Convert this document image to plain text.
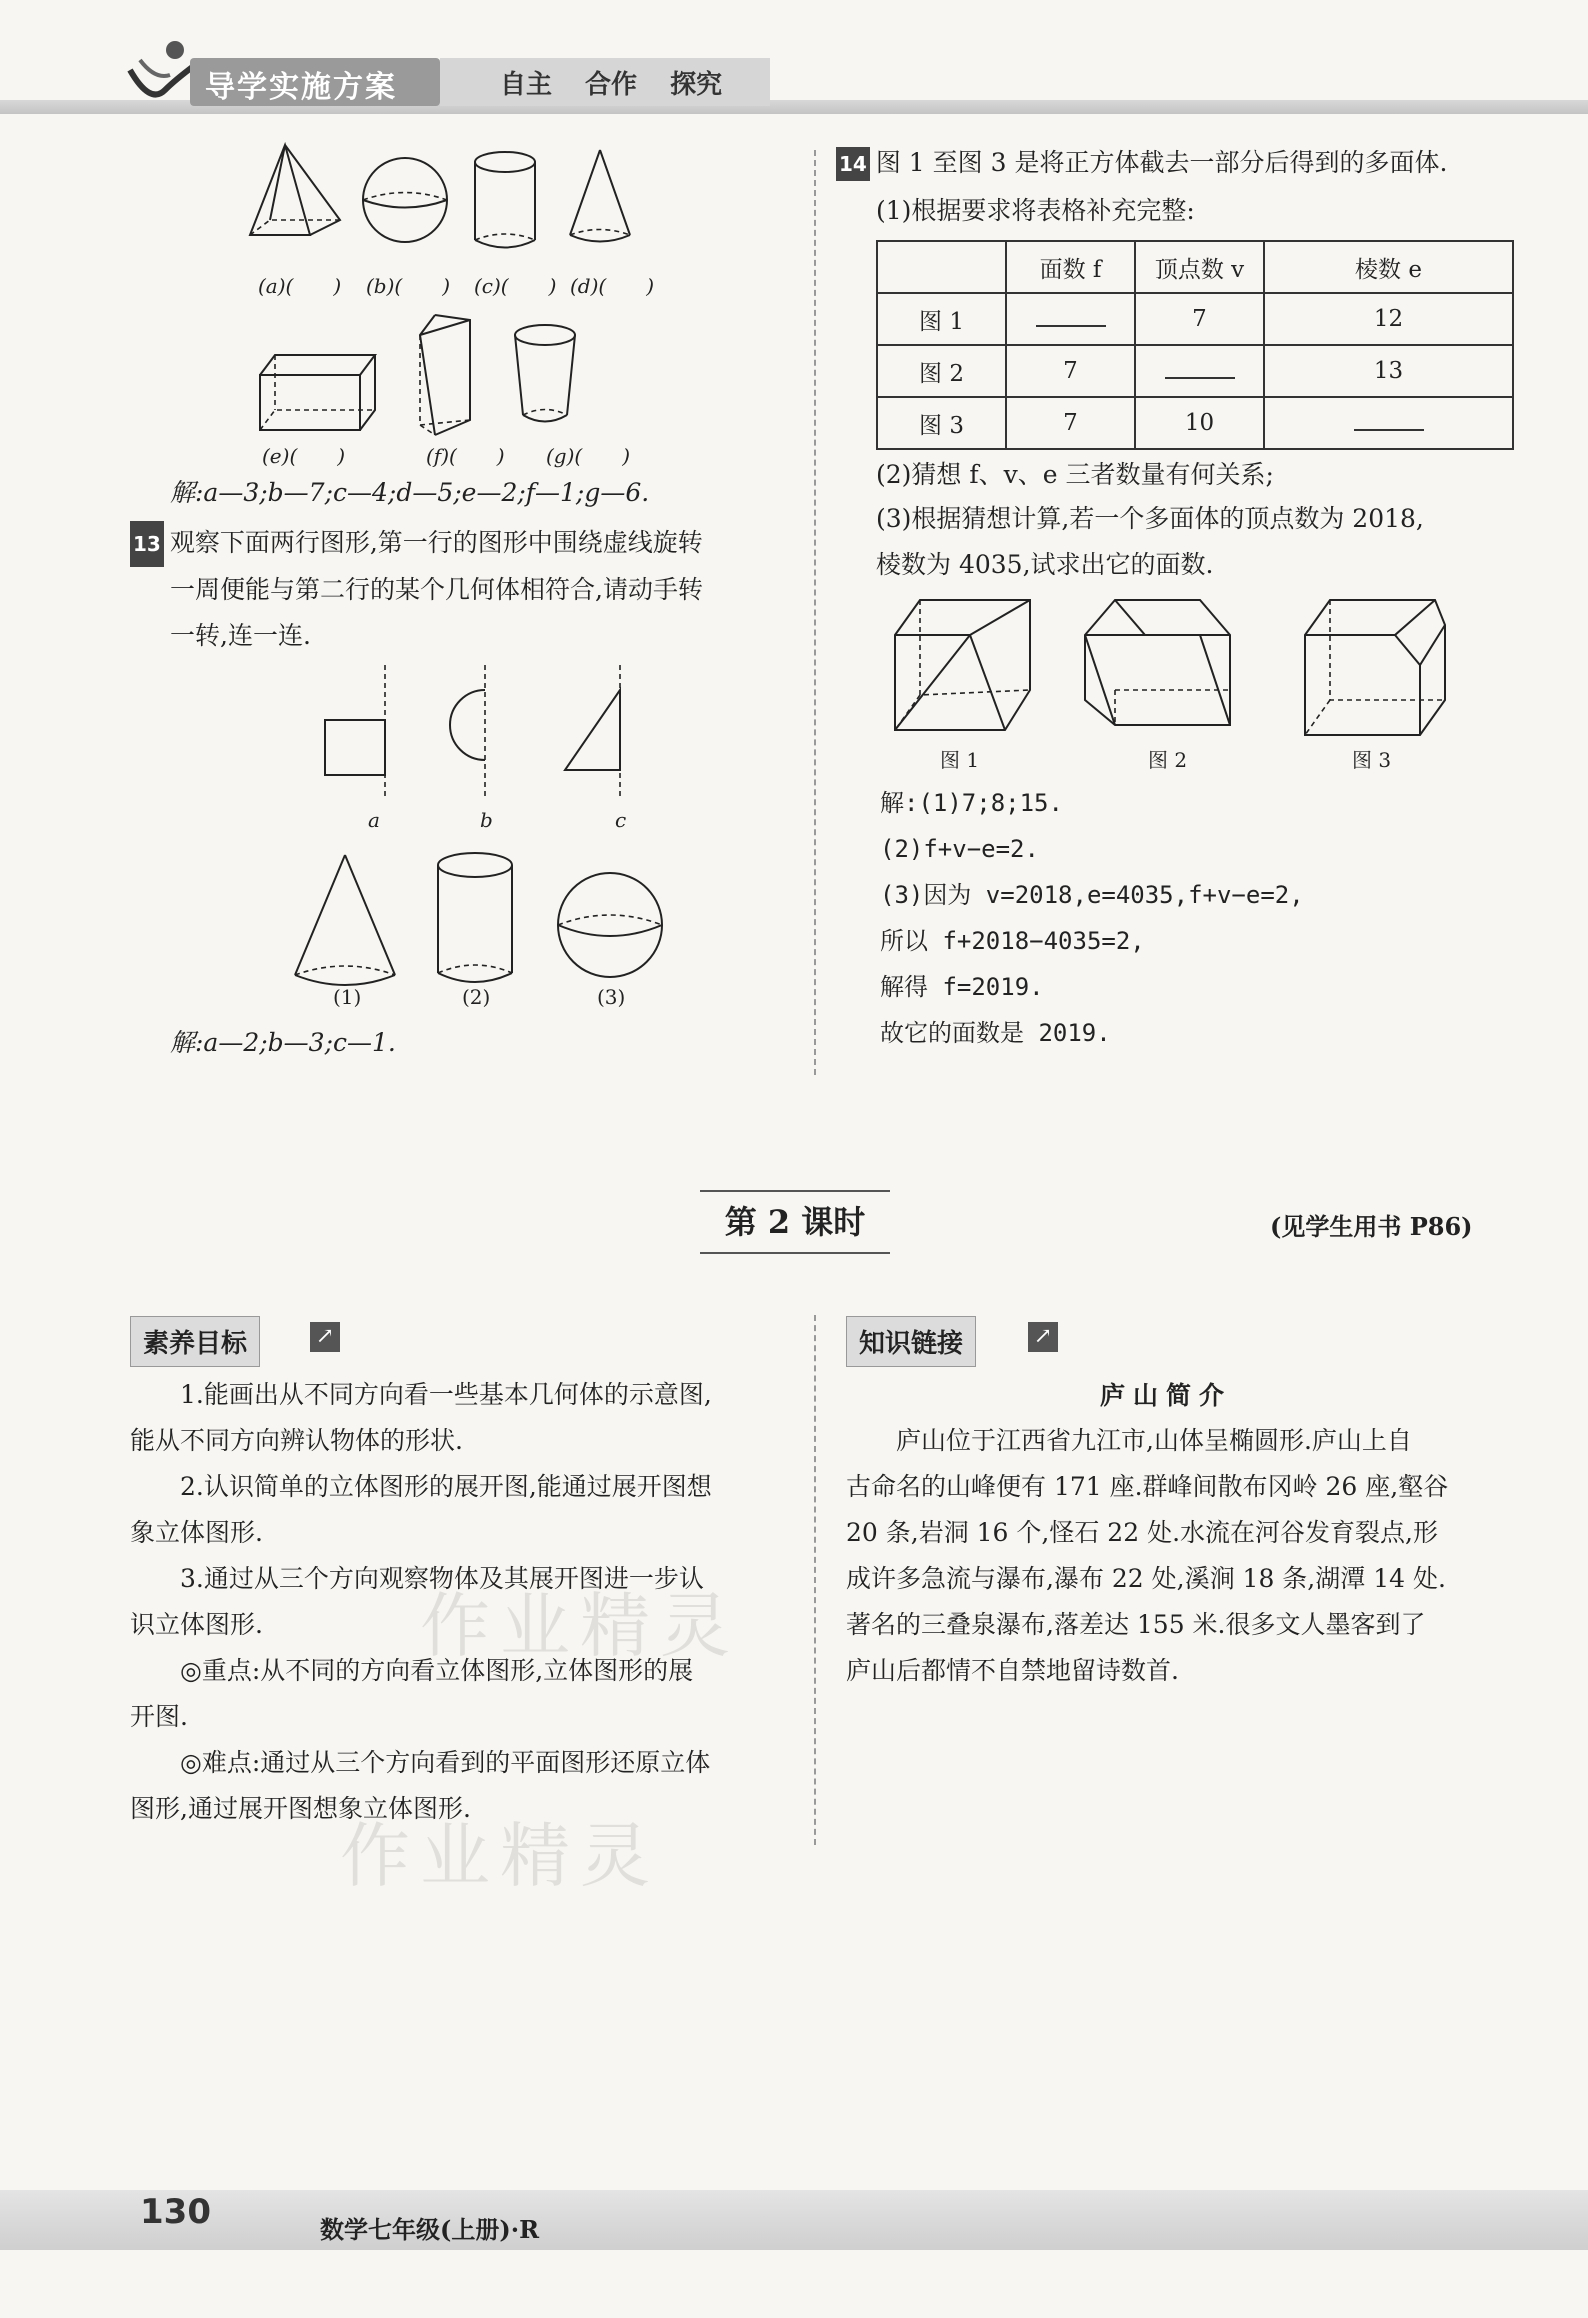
导学实施方案	自主 合作 探究
(a)(　　) (b)(　　) (c)(　　) (d)(　　)
(e)(　　)	(f)(　　) (g)(　　)
解:a—3;b—7;c—4;d—5;e—2;f—1;g—6.
13 观察下面两行图形,第一行的图形中围绕虚线旋转
一周便能与第二行的某个几何体相符合,请动手转
一转,连一连.
a	b	c
(1)	(2)	(3)
解:a—2;b—3;c—1.
14 图 1 至图 3 是将正方体截去一部分后得到的多面体.
(1)根据要求将表格补充完整:
	面数 f	顶点数 v	棱数 e
图 1		7	12
图 2	7		13
图 3	7	10	
(2)猜想 f、v、e 三者数量有何关系;
(3)根据猜想计算,若一个多面体的顶点数为 2018,
棱数为 4035,试求出它的面数.
图 1	图 2	图 3
解:(1)7;8;15.
(2)f+v−e=2.
(3)因为 v=2018,e=4035,f+v−e=2,
所以 f+2018−4035=2,
解得 f=2019.
故它的面数是 2019.
第 2 课时	(见学生用书 P86)
素养目标	↗
1.能画出从不同方向看一些基本几何体的示意图,
能从不同方向辨认物体的形状.
2.认识简单的立体图形的展开图,能通过展开图想
象立体图形.
3.通过从三个方向观察物体及其展开图进一步认
识立体图形.
◎重点:从不同的方向看立体图形,立体图形的展
开图.
◎难点:通过从三个方向看到的平面图形还原立体
图形,通过展开图想象立体图形.
知识链接	↗
庐山简介
庐山位于江西省九江市,山体呈椭圆形.庐山上自
古命名的山峰便有 171 座.群峰间散布冈岭 26 座,壑谷
20 条,岩洞 16 个,怪石 22 处.水流在河谷发育裂点,形
成许多急流与瀑布,瀑布 22 处,溪涧 18 条,湖潭 14 处.
著名的三叠泉瀑布,落差达 155 米.很多文人墨客到了
庐山后都情不自禁地留诗数首.
作业精灵
作业精灵
130	数学七年级(上册)·R
